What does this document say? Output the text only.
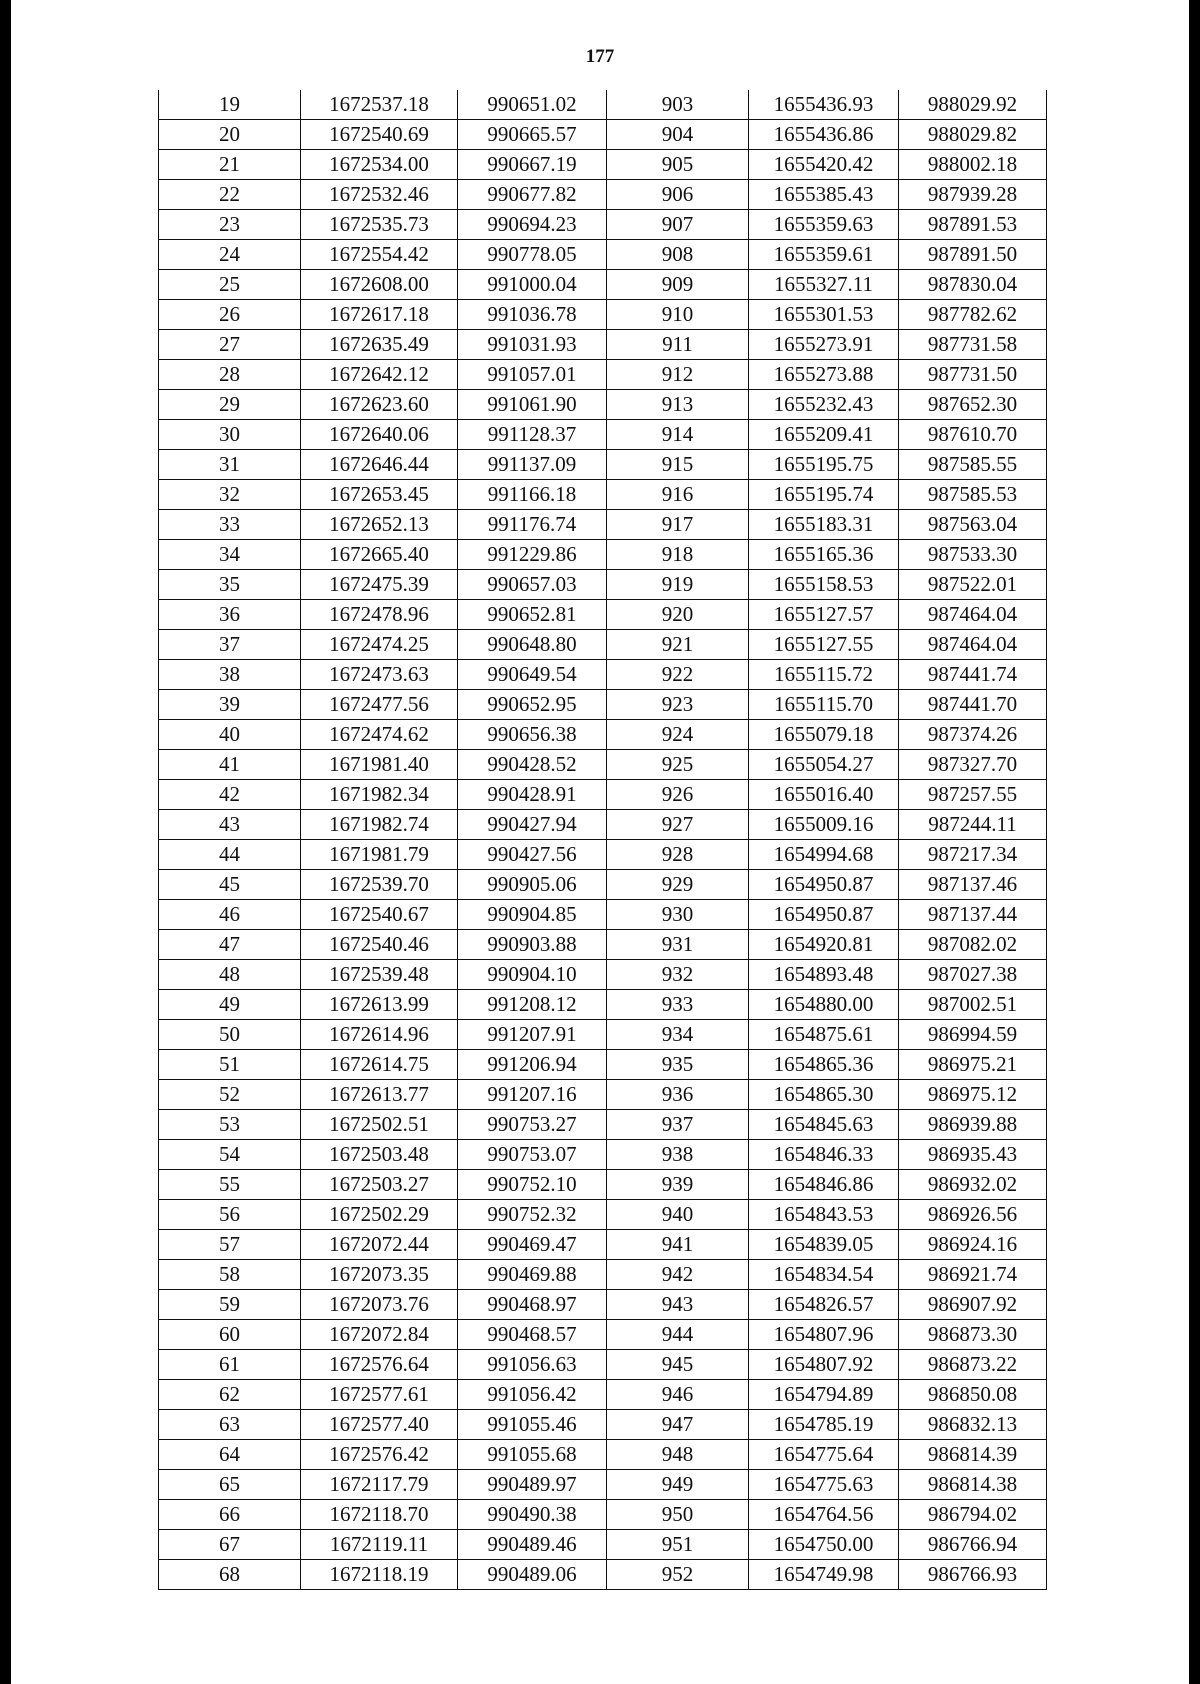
177
19	1672537.18	990651.02	903	1655436.93	988029.92
20	1672540.69	990665.57	904	1655436.86	988029.82
21	1672534.00	990667.19	905	1655420.42	988002.18
22	1672532.46	990677.82	906	1655385.43	987939.28
23	1672535.73	990694.23	907	1655359.63	987891.53
24	1672554.42	990778.05	908	1655359.61	987891.50
25	1672608.00	991000.04	909	1655327.11	987830.04
26	1672617.18	991036.78	910	1655301.53	987782.62
27	1672635.49	991031.93	911	1655273.91	987731.58
28	1672642.12	991057.01	912	1655273.88	987731.50
29	1672623.60	991061.90	913	1655232.43	987652.30
30	1672640.06	991128.37	914	1655209.41	987610.70
31	1672646.44	991137.09	915	1655195.75	987585.55
32	1672653.45	991166.18	916	1655195.74	987585.53
33	1672652.13	991176.74	917	1655183.31	987563.04
34	1672665.40	991229.86	918	1655165.36	987533.30
35	1672475.39	990657.03	919	1655158.53	987522.01
36	1672478.96	990652.81	920	1655127.57	987464.04
37	1672474.25	990648.80	921	1655127.55	987464.04
38	1672473.63	990649.54	922	1655115.72	987441.74
39	1672477.56	990652.95	923	1655115.70	987441.70
40	1672474.62	990656.38	924	1655079.18	987374.26
41	1671981.40	990428.52	925	1655054.27	987327.70
42	1671982.34	990428.91	926	1655016.40	987257.55
43	1671982.74	990427.94	927	1655009.16	987244.11
44	1671981.79	990427.56	928	1654994.68	987217.34
45	1672539.70	990905.06	929	1654950.87	987137.46
46	1672540.67	990904.85	930	1654950.87	987137.44
47	1672540.46	990903.88	931	1654920.81	987082.02
48	1672539.48	990904.10	932	1654893.48	987027.38
49	1672613.99	991208.12	933	1654880.00	987002.51
50	1672614.96	991207.91	934	1654875.61	986994.59
51	1672614.75	991206.94	935	1654865.36	986975.21
52	1672613.77	991207.16	936	1654865.30	986975.12
53	1672502.51	990753.27	937	1654845.63	986939.88
54	1672503.48	990753.07	938	1654846.33	986935.43
55	1672503.27	990752.10	939	1654846.86	986932.02
56	1672502.29	990752.32	940	1654843.53	986926.56
57	1672072.44	990469.47	941	1654839.05	986924.16
58	1672073.35	990469.88	942	1654834.54	986921.74
59	1672073.76	990468.97	943	1654826.57	986907.92
60	1672072.84	990468.57	944	1654807.96	986873.30
61	1672576.64	991056.63	945	1654807.92	986873.22
62	1672577.61	991056.42	946	1654794.89	986850.08
63	1672577.40	991055.46	947	1654785.19	986832.13
64	1672576.42	991055.68	948	1654775.64	986814.39
65	1672117.79	990489.97	949	1654775.63	986814.38
66	1672118.70	990490.38	950	1654764.56	986794.02
67	1672119.11	990489.46	951	1654750.00	986766.94
68	1672118.19	990489.06	952	1654749.98	986766.93
